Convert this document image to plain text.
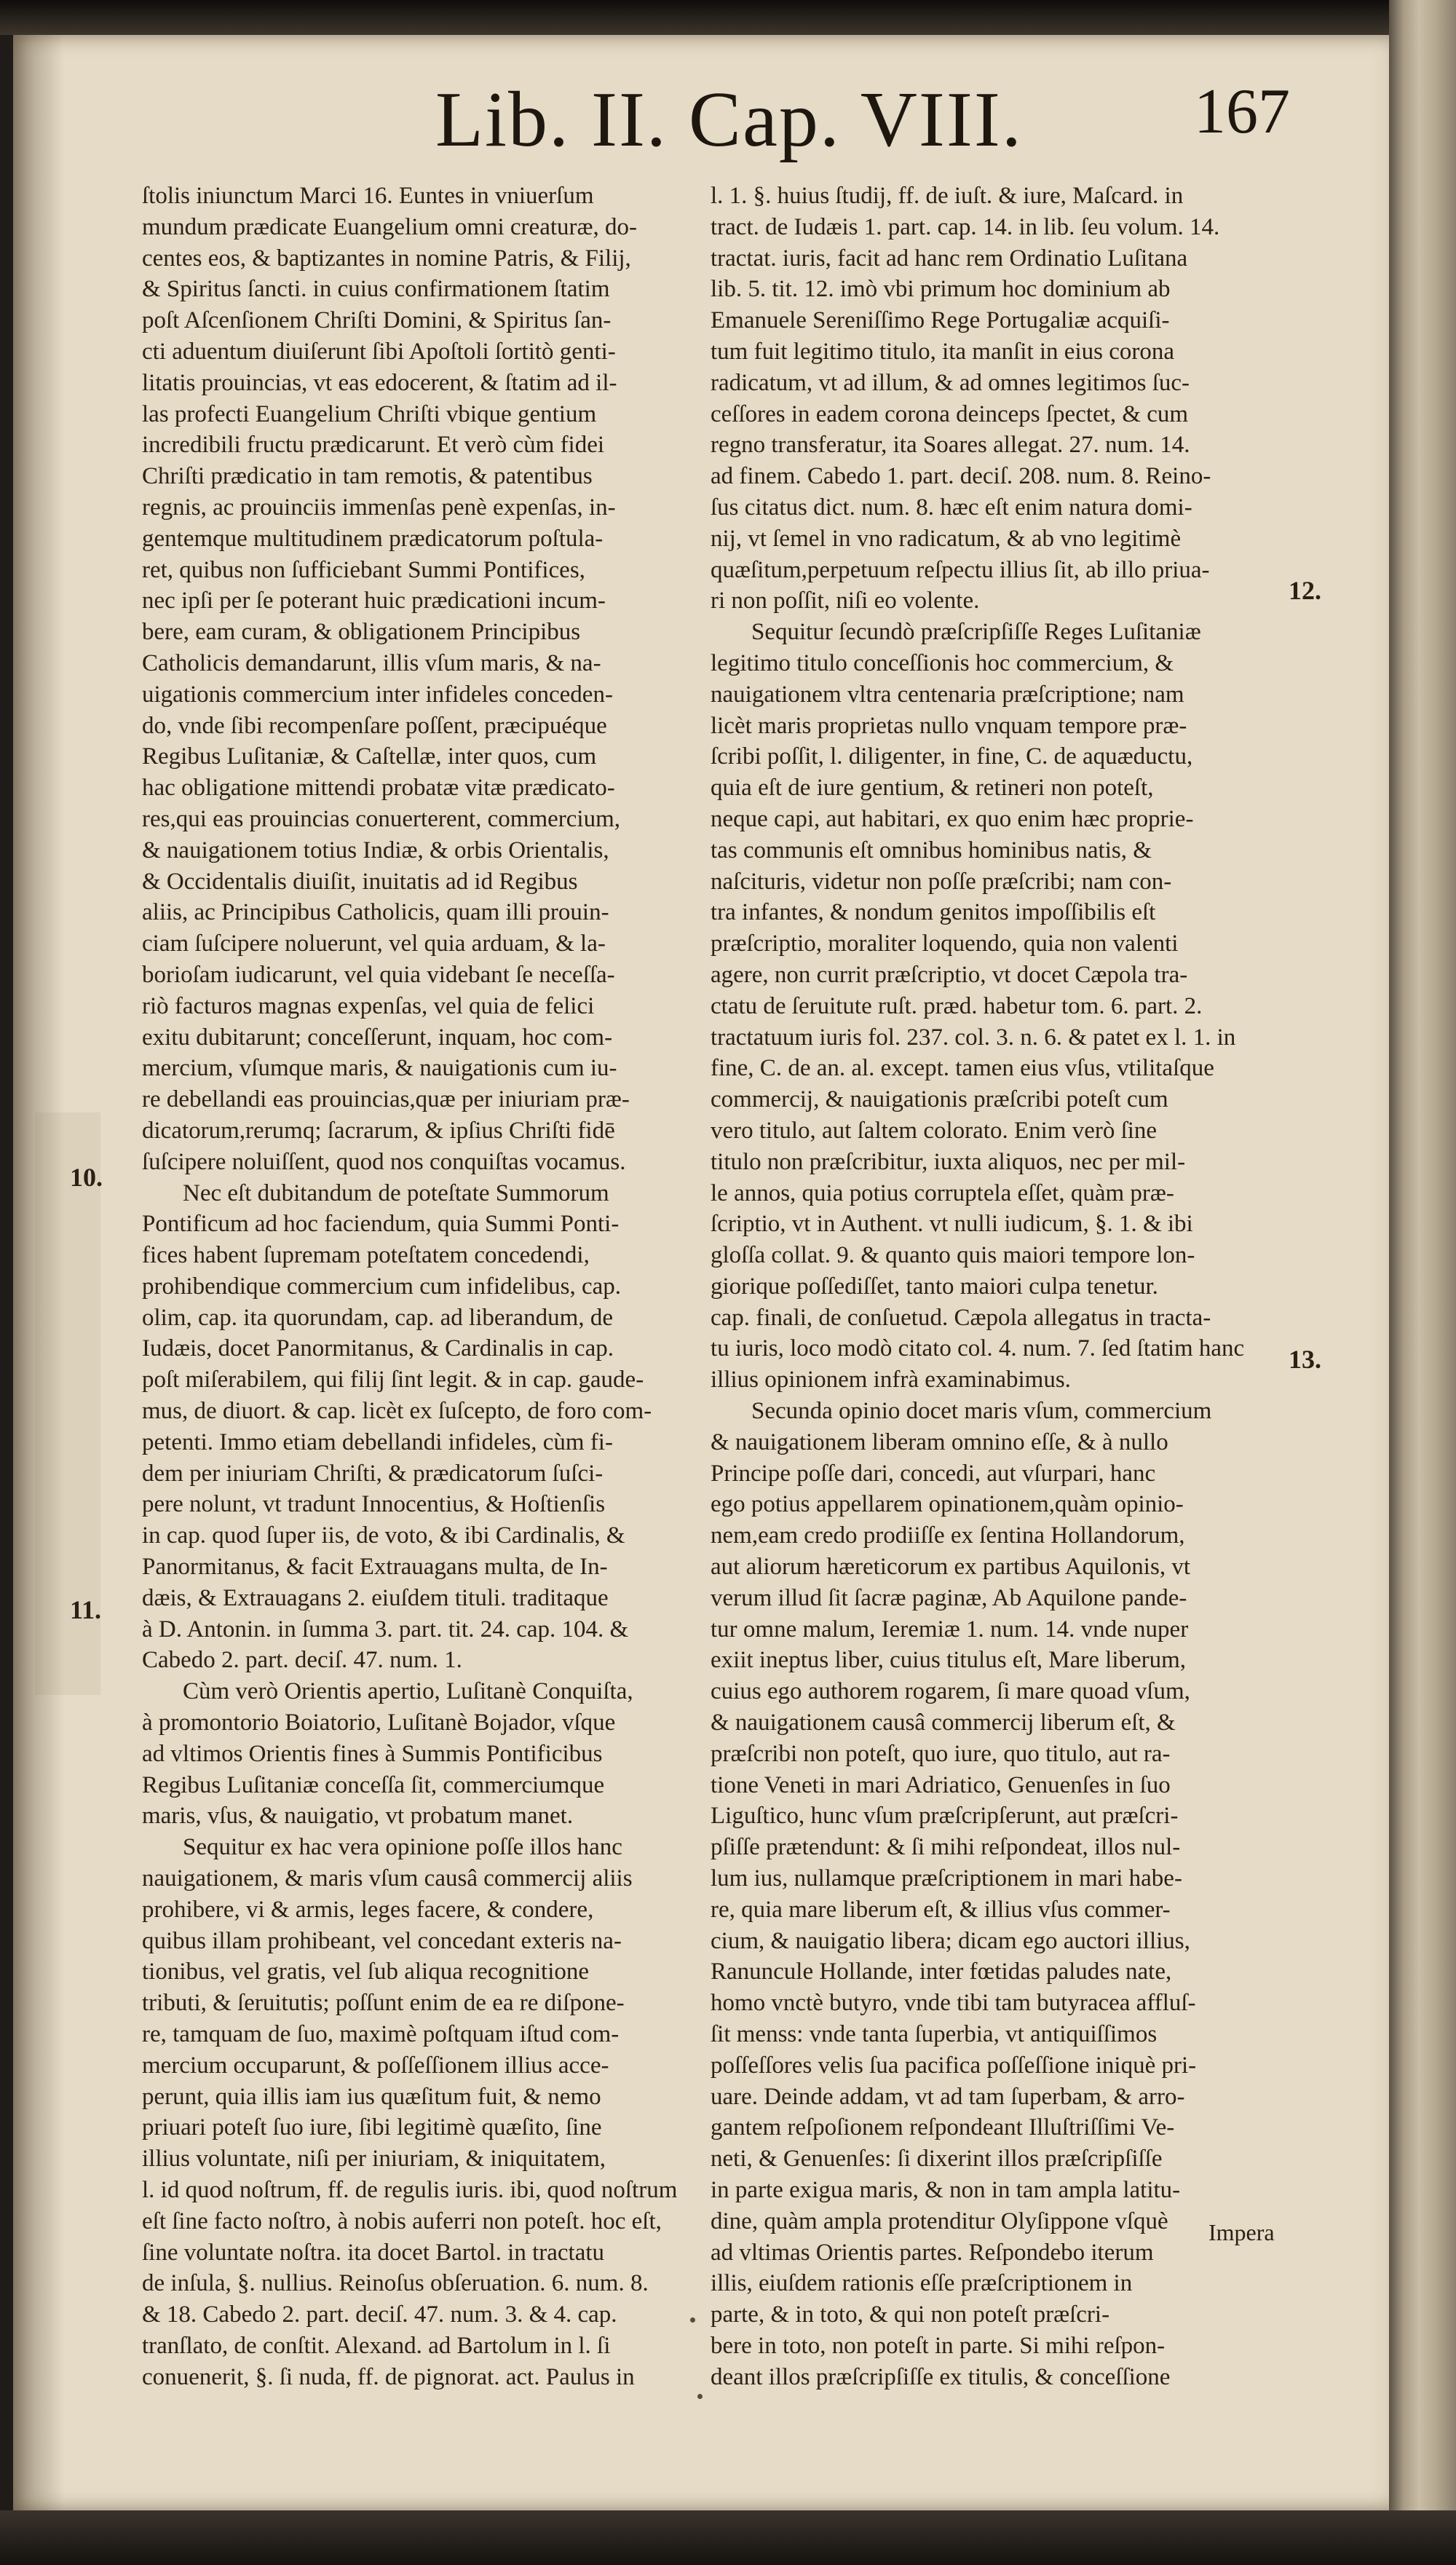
Lib. II. Cap. VIII.	167
ſtolis iniunctum Marci 16. Euntes in vniuerſum
mundum prædicate Euangelium omni creaturæ, do-
centes eos, & baptizantes in nomine Patris, & Filij,
& Spiritus ſancti. in cuius confirmationem ſtatim
poſt Aſcenſionem Chriſti Domini, & Spiritus ſan-
cti aduentum diuiſerunt ſibi Apoſtoli ſortitò genti-
litatis prouincias, vt eas edocerent, & ſtatim ad il-
las profecti Euangelium Chriſti vbique gentium
incredibili fructu prædicarunt. Et verò cùm fidei
Chriſti prædicatio in tam remotis, & patentibus
regnis, ac prouinciis immenſas penè expenſas, in-
gentemque multitudinem prædicatorum poſtula-
ret, quibus non ſufficiebant Summi Pontifices,
nec ipſi per ſe poterant huic prædicationi incum-
bere, eam curam, & obligationem Principibus
Catholicis demandarunt, illis vſum maris, & na-
uigationis commercium inter infideles conceden-
do, vnde ſibi recompenſare poſſent, præcipuéque
Regibus Luſitaniæ, & Caſtellæ, inter quos, cum
hac obligatione mittendi probatæ vitæ prædicato-
res,qui eas prouincias conuerterent, commercium,
& nauigationem totius Indiæ, & orbis Orientalis,
& Occidentalis diuiſit, inuitatis ad id Regibus
aliis, ac Principibus Catholicis, quam illi prouin-
ciam ſuſcipere noluerunt, vel quia arduam, & la-
borioſam iudicarunt, vel quia videbant ſe neceſſa-
riò facturos magnas expenſas, vel quia de felici
exitu dubitarunt; conceſſerunt, inquam, hoc com-
mercium, vſumque maris, & nauigationis cum iu-
re debellandi eas prouincias,quæ per iniuriam præ-
dicatorum,rerumq; ſacrarum, & ipſius Chriſti fidē
ſuſcipere noluiſſent, quod nos conquiſtas vocamus.
Nec eſt dubitandum de poteſtate Summorum
Pontificum ad hoc faciendum, quia Summi Ponti-
fices habent ſupremam poteſtatem concedendi,
prohibendique commercium cum infidelibus, cap.
olim, cap. ita quorundam, cap. ad liberandum, de
Iudæis, docet Panormitanus, & Cardinalis in cap.
poſt miſerabilem, qui filij ſint legit. & in cap. gaude-
mus, de diuort. & cap. licèt ex ſuſcepto, de foro com-
petenti. Immo etiam debellandi infideles, cùm fi-
dem per iniuriam Chriſti, & prædicatorum ſuſci-
pere nolunt, vt tradunt Innocentius, & Hoſtienſis
in cap. quod ſuper iis, de voto, & ibi Cardinalis, &
Panormitanus, & facit Extrauagans multa, de In-
dæis, & Extrauagans 2. eiuſdem tituli. traditaque
à D. Antonin. in ſumma 3. part. tit. 24. cap. 104. &
Cabedo 2. part. deciſ. 47. num. 1.
Cùm verò Orientis apertio, Luſitanè Conquiſta,
à promontorio Boiatorio, Luſitanè Bojador, vſque
ad vltimos Orientis fines à Summis Pontificibus
Regibus Luſitaniæ conceſſa ſit, commerciumque
maris, vſus, & nauigatio, vt probatum manet.
Sequitur ex hac vera opinione poſſe illos hanc
nauigationem, & maris vſum causâ commercij aliis
prohibere, vi & armis, leges facere, & condere,
quibus illam prohibeant, vel concedant exteris na-
tionibus, vel gratis, vel ſub aliqua recognitione
tributi, & ſeruitutis; poſſunt enim de ea re diſpone-
re, tamquam de ſuo, maximè poſtquam iſtud com-
mercium occuparunt, & poſſeſſionem illius acce-
perunt, quia illis iam ius quæſitum fuit, & nemo
priuari poteſt ſuo iure, ſibi legitimè quæſito, ſine
illius voluntate, niſi per iniuriam, & iniquitatem,
l. id quod noſtrum, ff. de regulis iuris. ibi, quod noſtrum
eſt ſine facto noſtro, à nobis auferri non poteſt. hoc eſt,
ſine voluntate noſtra. ita docet Bartol. in tractatu
de inſula, §. nullius. Reinoſus obſeruation. 6. num. 8.
& 18. Cabedo 2. part. deciſ. 47. num. 3. & 4. cap.
tranſlato, de conſtit. Alexand. ad Bartolum in l. ſi
conuenerit, §. ſi nuda, ff. de pignorat. act. Paulus in
l. 1. §. huius ſtudij, ff. de iuſt. & iure, Maſcard. in
tract. de Iudæis 1. part. cap. 14. in lib. ſeu volum. 14.
tractat. iuris, facit ad hanc rem Ordinatio Luſitana
lib. 5. tit. 12. imò vbi primum hoc dominium ab
Emanuele Sereniſſimo Rege Portugaliæ acquiſi-
tum fuit legitimo titulo, ita manſit in eius corona
radicatum, vt ad illum, & ad omnes legitimos ſuc-
ceſſores in eadem corona deinceps ſpectet, & cum
regno transferatur, ita Soares allegat. 27. num. 14.
ad finem. Cabedo 1. part. deciſ. 208. num. 8. Reino-
ſus citatus dict. num. 8. hæc eſt enim natura domi-
nij, vt ſemel in vno radicatum, & ab vno legitimè
quæſitum,perpetuum reſpectu illius ſit, ab illo priua-
ri non poſſit, niſi eo volente.
Sequitur ſecundò præſcripſiſſe Reges Luſitaniæ
legitimo titulo conceſſionis hoc commercium, &
nauigationem vltra centenaria præſcriptione; nam
licèt maris proprietas nullo vnquam tempore præ-
ſcribi poſſit, l. diligenter, in fine, C. de aquæductu,
quia eſt de iure gentium, & retineri non poteſt,
neque capi, aut habitari, ex quo enim hæc proprie-
tas communis eſt omnibus hominibus natis, &
naſcituris, videtur non poſſe præſcribi; nam con-
tra infantes, & nondum genitos impoſſibilis eſt
præſcriptio, moraliter loquendo, quia non valenti
agere, non currit præſcriptio, vt docet Cæpola tra-
ctatu de ſeruitute ruſt. præd. habetur tom. 6. part. 2.
tractatuum iuris fol. 237. col. 3. n. 6. & patet ex l. 1. in
fine, C. de an. al. except. tamen eius vſus, vtilitaſque
commercij, & nauigationis præſcribi poteſt cum
vero titulo, aut ſaltem colorato. Enim verò ſine
titulo non præſcribitur, iuxta aliquos, nec per mil-
le annos, quia potius corruptela eſſet, quàm præ-
ſcriptio, vt in Authent. vt nulli iudicum, §. 1. & ibi
gloſſa collat. 9. & quanto quis maiori tempore lon-
giorique poſſediſſet, tanto maiori culpa tenetur.
cap. finali, de conſuetud. Cæpola allegatus in tracta-
tu iuris, loco modò citato col. 4. num. 7. ſed ſtatim hanc
illius opinionem infrà examinabimus.
Secunda opinio docet maris vſum, commercium
& nauigationem liberam omnino eſſe, & à nullo
Principe poſſe dari, concedi, aut vſurpari, hanc
ego potius appellarem opinationem,quàm opinio-
nem,eam credo prodiiſſe ex ſentina Hollandorum,
aut aliorum hæreticorum ex partibus Aquilonis, vt
verum illud ſit ſacræ paginæ, Ab Aquilone pande-
tur omne malum, Ieremiæ 1. num. 14. vnde nuper
exiit ineptus liber, cuius titulus eſt, Mare liberum,
cuius ego authorem rogarem, ſi mare quoad vſum,
& nauigationem causâ commercij liberum eſt, &
præſcribi non poteſt, quo iure, quo titulo, aut ra-
tione Veneti in mari Adriatico, Genuenſes in ſuo
Liguſtico, hunc vſum præſcripſerunt, aut præſcri-
pſiſſe prætendunt: & ſi mihi reſpondeat, illos nul-
lum ius, nullamque præſcriptionem in mari habe-
re, quia mare liberum eſt, & illius vſus commer-
cium, & nauigatio libera; dicam ego auctori illius,
Ranuncule Hollande, inter fœtidas paludes nate,
homo vnctè butyro, vnde tibi tam butyracea affluſ-
ſit menss: vnde tanta ſuperbia, vt antiquiſſimos
poſſeſſores velis ſua pacifica poſſeſſione iniquè pri-
uare. Deinde addam, vt ad tam ſuperbam, & arro-
gantem reſpoſionem reſpondeant Illuſtriſſimi Ve-
neti, & Genuenſes: ſi dixerint illos præſcripſiſſe
in parte exigua maris, & non in tam ampla latitu-
dine, quàm ampla protenditur Olyſippone vſquè
ad vltimas Orientis partes. Reſpondebo iterum
illis, eiuſdem rationis eſſe præſcriptionem in
parte, & in toto, & qui non poteſt præſcri-
bere in toto, non poteſt in parte. Si mihi reſpon-
deant illos præſcripſiſſe ex titulis, & conceſſione
10.
11.
12.
13.
Impera
